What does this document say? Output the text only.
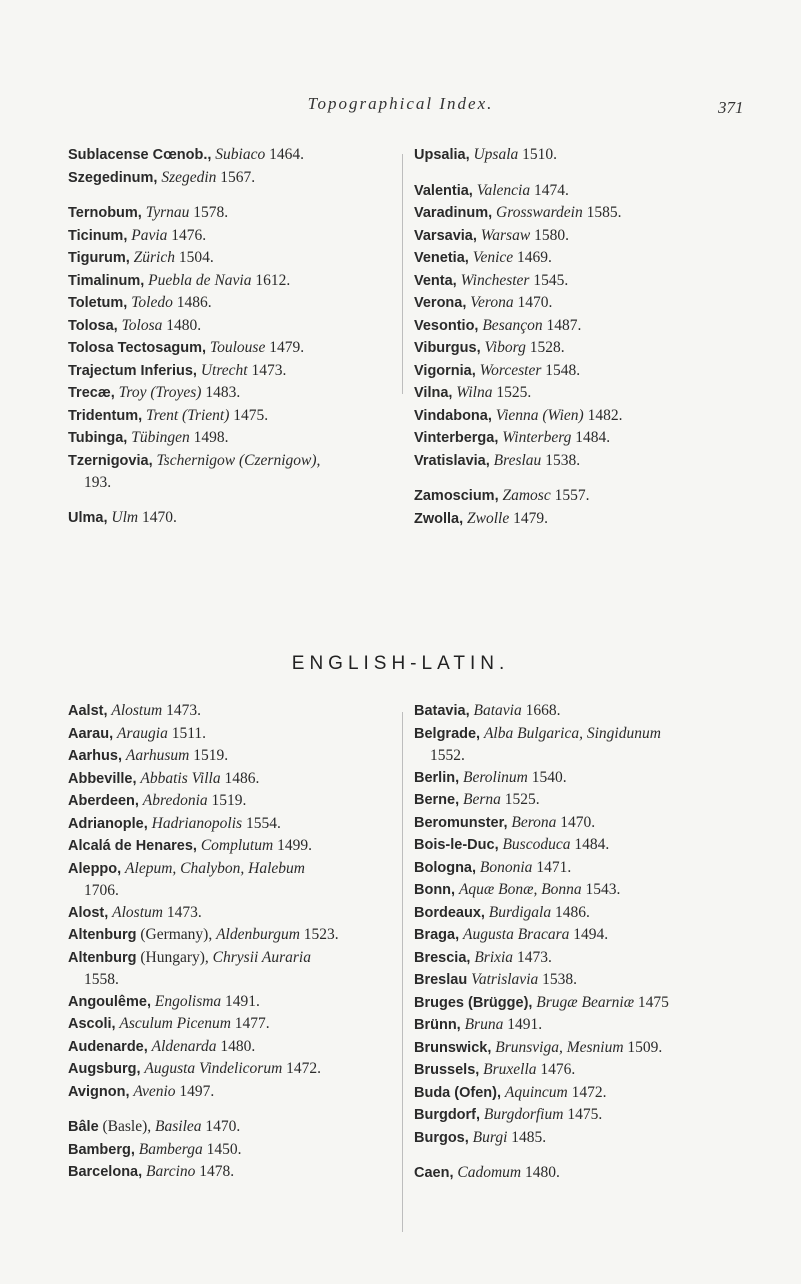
Topographical Index.	371
Sublacense Cœnob., Subiaco 1464.
Szegedinum, Szegedin 1567.
Ternobum, Tyrnau 1578.
Ticinum, Pavia 1476.
Tigurum, Zürich 1504.
Timalinum, Puebla de Navia 1612.
Toletum, Toledo 1486.
Tolosa, Tolosa 1480.
Tolosa Tectosagum, Toulouse 1479.
Trajectum Inferius, Utrecht 1473.
Trecæ, Troy (Troyes) 1483.
Tridentum, Trent (Trient) 1475.
Tubinga, Tübingen 1498.
Tzernigovia, Tschernigow (Czernigow),
193.
Ulma, Ulm 1470.
Upsalia, Upsala 1510.
Valentia, Valencia 1474.
Varadinum, Grosswardein 1585.
Varsavia, Warsaw 1580.
Venetia, Venice 1469.
Venta, Winchester 1545.
Verona, Verona 1470.
Vesontio, Besançon 1487.
Viburgus, Viborg 1528.
Vigornia, Worcester 1548.
Vilna, Wilna 1525.
Vindabona, Vienna (Wien) 1482.
Vinterberga, Winterberg 1484.
Vratislavia, Breslau 1538.
Zamoscium, Zamosc 1557.
Zwolla, Zwolle 1479.
ENGLISH-LATIN.
Aalst, Alostum 1473.
Aarau, Araugia 1511.
Aarhus, Aarhusum 1519.
Abbeville, Abbatis Villa 1486.
Aberdeen, Abredonia 1519.
Adrianople, Hadrianopolis 1554.
Alcalá de Henares, Complutum 1499.
Aleppo, Alepum, Chalybon, Halebum
1706.
Alost, Alostum 1473.
Altenburg (Germany), Aldenburgum 1523.
Altenburg (Hungary), Chrysii Auraria
1558.
Angoulême, Engolisma 1491.
Ascoli, Asculum Picenum 1477.
Audenarde, Aldenarda 1480.
Augsburg, Augusta Vindelicorum 1472.
Avignon, Avenio 1497.
Bâle (Basle), Basilea 1470.
Bamberg, Bamberga 1450.
Barcelona, Barcino 1478.
Batavia, Batavia 1668.
Belgrade, Alba Bulgarica, Singidunum
1552.
Berlin, Berolinum 1540.
Berne, Berna 1525.
Beromunster, Berona 1470.
Bois-le-Duc, Buscoduca 1484.
Bologna, Bononia 1471.
Bonn, Aquæ Bonæ, Bonna 1543.
Bordeaux, Burdigala 1486.
Braga, Augusta Bracara 1494.
Brescia, Brixia 1473.
Breslau Vatrislavia 1538.
Bruges (Brügge), Brugæ Bearniæ 1475
Brünn, Bruna 1491.
Brunswick, Brunsviga, Mesnium 1509.
Brussels, Bruxella 1476.
Buda (Ofen), Aquincum 1472.
Burgdorf, Burgdorfium 1475.
Burgos, Burgi 1485.
Caen, Cadomum 1480.
